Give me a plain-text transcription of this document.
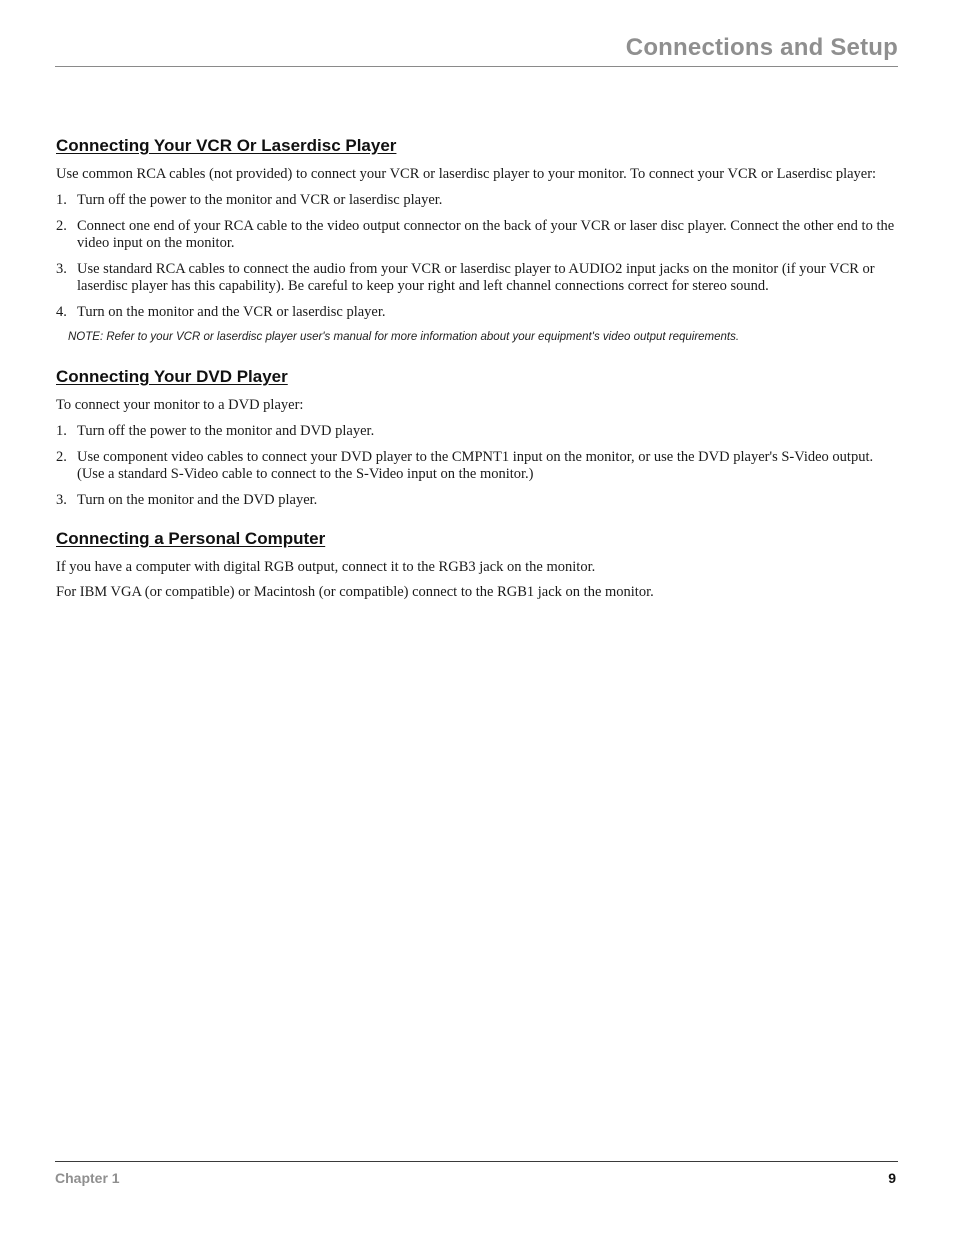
Connections and Setup
Connecting Your VCR Or Laserdisc Player

Use common RCA cables (not provided) to connect your VCR or laserdisc player to your monitor. To connect your VCR or Laserdisc player:

1. Turn off the power to the monitor and VCR or laserdisc player.
2. Connect one end of your RCA cable to the video output connector on the back of your VCR or laser disc player. Connect the other end to the video input on the monitor.
3. Use standard RCA cables to connect the audio from your VCR or laserdisc player to AUDIO2 input jacks on the monitor (if your VCR or laserdisc player has this capability). Be careful to keep your right and left channel connections correct for stereo sound.
4. Turn on the monitor and the VCR or laserdisc player.

NOTE: Refer to your VCR or laserdisc player user's manual for more information about your equipment's video output requirements.

Connecting Your DVD Player

To connect your monitor to a DVD player:

1. Turn off the power to the monitor and DVD player.
2. Use component video cables to connect your DVD player to the CMPNT1 input on the monitor, or use the DVD player's S-Video output. (Use a standard S-Video cable to connect to the S-Video input on the monitor.)
3. Turn on the monitor and the DVD player.
Connecting a Personal Computer

If you have a computer with digital RGB output, connect it to the RGB3 jack on the monitor.

For IBM VGA (or compatible) or Macintosh (or compatible) connect to the RGB1 jack on the monitor.

Chapter 1	9
